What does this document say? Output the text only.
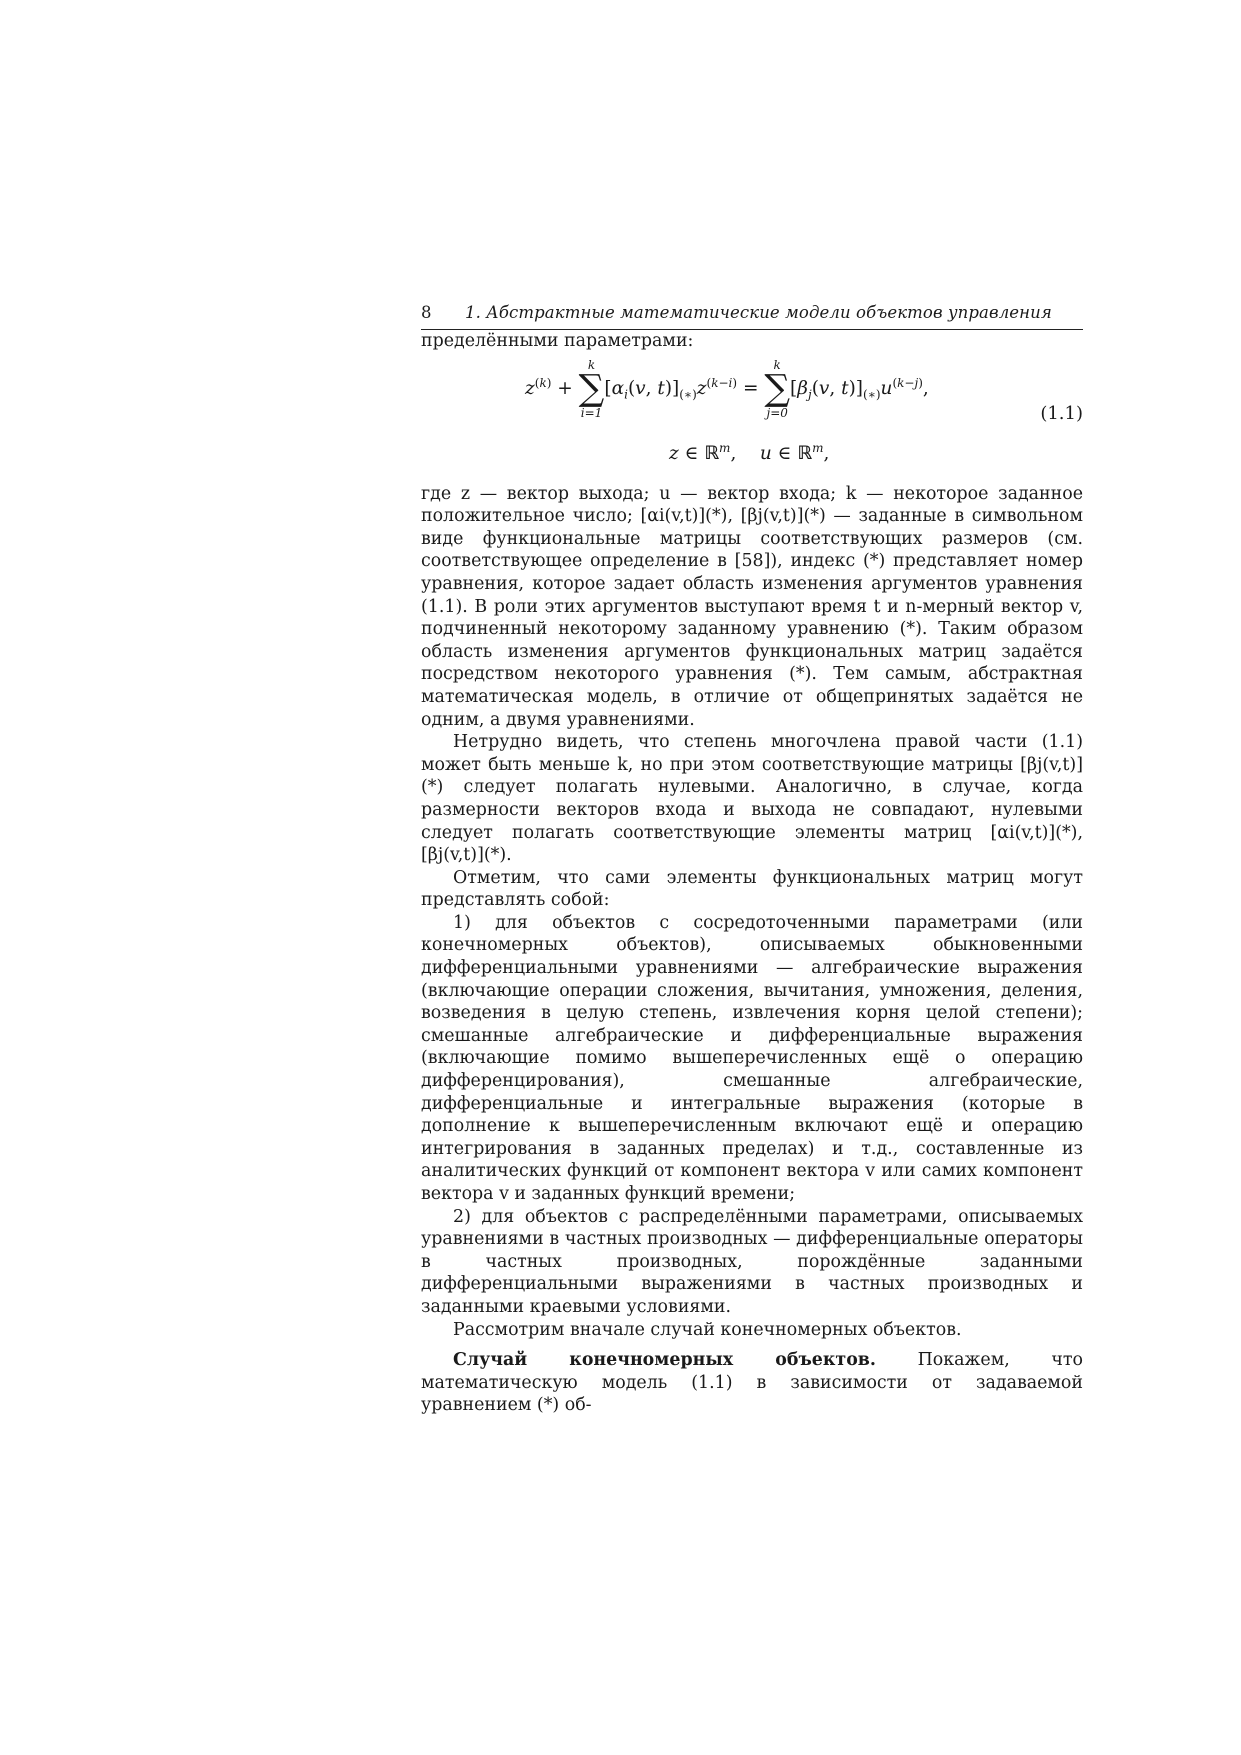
8	1. Абстрактные математические модели объектов управления

пределёнными параметрами:

$z^{(k)}$ +
k
∑
i=1
[$\alpha_i(v$, $t)]_{(∗)}z^{(k-i)}$ =
k
∑
j=0
[$\beta_j(v$, $t)]_{(∗)}u^{(k-j)}$,
z ∈ ℝ$^m$,    u ∈ ℝ$^m$,
(1.1)

где z — вектор выхода; u — вектор входа; k — некоторое заданное положительное число; [αi(v,t)](*), [βj(v,t)](*) — заданные в символьном виде функциональные матрицы соответствующих размеров (см. соответствующее определение в [58]), индекс (*) представляет номер уравнения, которое задает область изменения аргументов уравнения (1.1). В роли этих аргументов выступают время t и n-мерный вектор v, подчиненный некоторому заданному уравнению (*). Таким образом область изменения аргументов функциональных матриц задаётся посредством некоторого уравнения (*). Тем самым, абстрактная математическая модель, в отличие от общепринятых задаётся не одним, а двумя уравнениями.

Нетрудно видеть, что степень многочлена правой части (1.1) может быть меньше k, но при этом соответствующие матрицы [βj(v,t)](*) следует полагать нулевыми. Аналогично, в случае, когда размерности векторов входа и выхода не совпадают, нулевыми следует полагать соответствующие элементы матриц [αi(v,t)](*), [βj(v,t)](*).

Отметим, что сами элементы функциональных матриц могут представлять собой:

1) для объектов с сосредоточенными параметрами (или конечномерных объектов), описываемых обыкновенными дифференциальными уравнениями — алгебраические выражения (включающие операции сложения, вычитания, умножения, деления, возведения в целую степень, извлечения корня целой степени); смешанные алгебраические и дифференциальные выражения (включающие помимо вышеперечисленных ещё о операцию дифференцирования), смешанные алгебраические, дифференциальные и интегральные выражения (которые в дополнение к вышеперечисленным включают ещё и операцию интегрирования в заданных пределах) и т.д., составленные из аналитических функций от компонент вектора v или самих компонент вектора v и заданных функций времени;

2) для объектов с распределёнными параметрами, описываемых уравнениями в частных производных — дифференциальные операторы в частных производных, порождённые заданными дифференциальными выражениями в частных производных и заданными краевыми условиями.

Рассмотрим вначале случай конечномерных объектов.

Случай конечномерных объектов. Покажем, что математическую модель (1.1) в зависимости от задаваемой уравнением (*) об-
